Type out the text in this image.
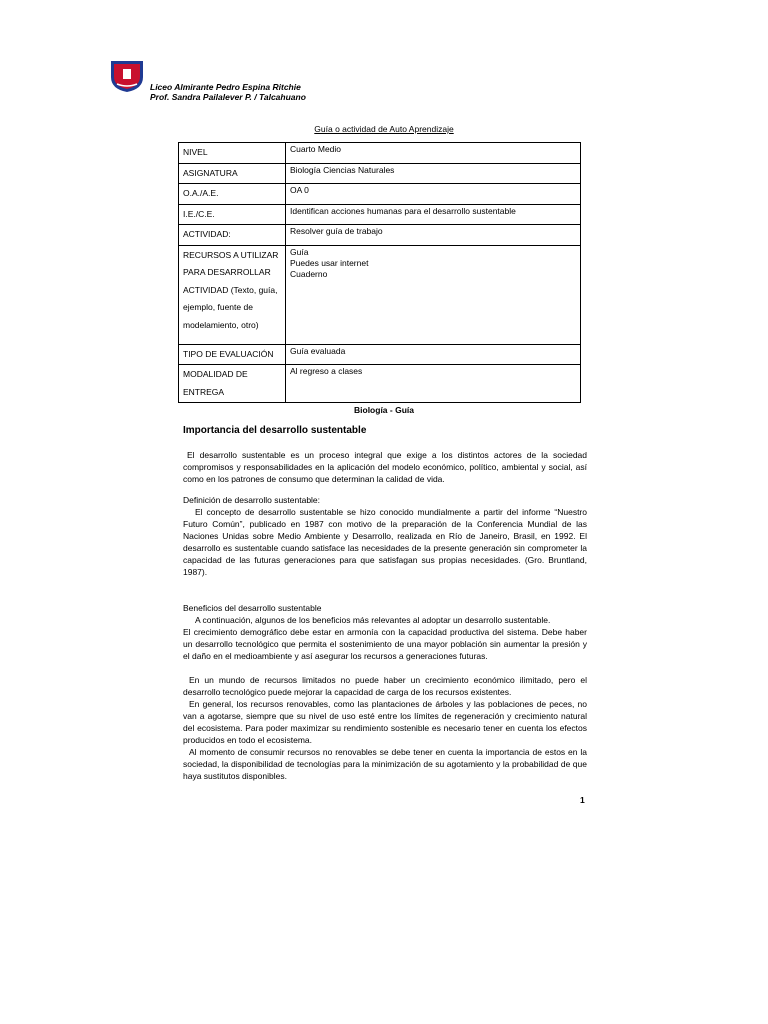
Liceo Almirante Pedro Espina Ritchie
Prof. Sandra Pailalever P. / Talcahuano
Guía o actividad de Auto Aprendizaje
NIVEL	Cuarto Medio
ASIGNATURA	Biología Ciencias Naturales
O.A./A.E.	OA 0
I.E./C.E.	Identifican acciones humanas para el desarrollo sustentable
ACTIVIDAD:	Resolver guía de trabajo
RECURSOS A UTILIZAR PARA DESARROLLAR ACTIVIDAD (Texto, guía, ejemplo, fuente de modelamiento, otro)	Guía
Puedes usar internet
Cuaderno

TIPO DE EVALUACIÓN	Guía evaluada
MODALIDAD DE ENTREGA	Al regreso a clases
Biología - Guía
Importancia del desarrollo sustentable
El desarrollo sustentable es un proceso integral que exige a los distintos actores de la sociedad compromisos y responsabilidades en la aplicación del modelo económico, político, ambiental y social, así como en los patrones de consumo que determinan la calidad de vida.
Definición de desarrollo sustentable:
El concepto de desarrollo sustentable se hizo conocido mundialmente a partir del informe “Nuestro Futuro Común”, publicado en 1987 con motivo de la preparación de la Conferencia Mundial de las Naciones Unidas sobre Medio Ambiente y Desarrollo, realizada en Río de Janeiro, Brasil, en 1992. El desarrollo es sustentable cuando satisface las necesidades de la presente generación sin comprometer la capacidad de las futuras generaciones para que satisfagan sus propias necesidades. (Gro. Bruntland, 1987).
Beneficios del desarrollo sustentable
A continuación, algunos de los beneficios más relevantes al adoptar un desarrollo sustentable.
El crecimiento demográfico debe estar en armonía con la capacidad productiva del sistema. Debe haber un desarrollo tecnológico que permita el sostenimiento de una mayor población sin aumentar la presión y el daño en el medioambiente y así asegurar los recursos a generaciones futuras.
En un mundo de recursos limitados no puede haber un crecimiento económico ilimitado, pero el desarrollo tecnológico puede mejorar la capacidad de carga de los recursos existentes.
En general, los recursos renovables, como las plantaciones de árboles y las poblaciones de peces, no van a agotarse, siempre que su nivel de uso esté entre los límites de regeneración y crecimiento natural del ecosistema. Para poder maximizar su rendimiento sostenible es necesario tener en cuenta los efectos producidos en todo el ecosistema.
Al momento de consumir recursos no renovables se debe tener en cuenta la importancia de estos en la sociedad, la disponibilidad de tecnologías para la minimización de su agotamiento y la probabilidad de que haya sustitutos disponibles.
1
